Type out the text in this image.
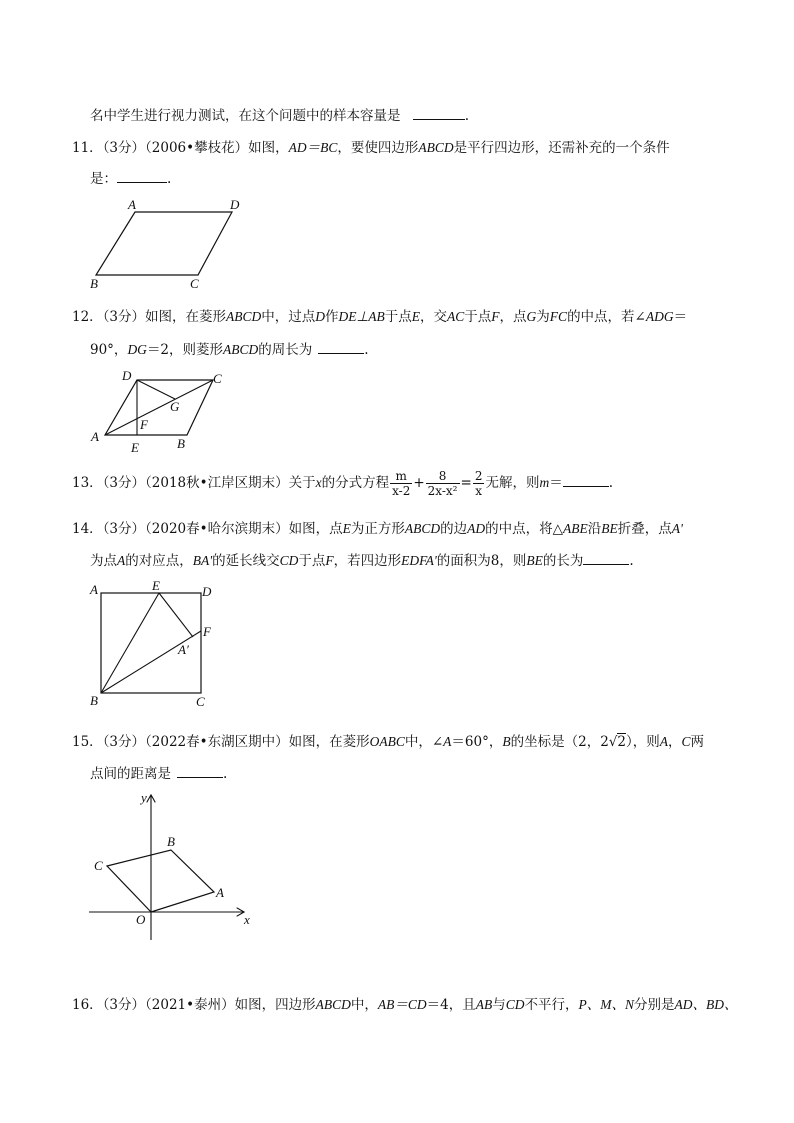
名中学生进行视力测试，在这个问题中的样本容量是	.
11．（3分）（2006•攀枝花）如图，AD＝BC，要使四边形ABCD是平行四边形，还需补充的一个条件
是：	.
A	D
B	C
12．（3分）如图，在菱形ABCD中，过点D作DE⊥AB于点E，交AC于点F，点G为FC的中点，若∠ADG＝
90°，DG＝2，则菱形ABCD的周长为	.
D	C
G
F
A
E	B
13．（3分）（2018秋•江岸区期末）关于x的分式方程 $\frac{m}{x-2} + \frac{8}{\text{2x-x²}} = \frac{2}{x}$ 无解，则m＝	.
14．（3分）（2020春•哈尔滨期末）如图，点E为正方形ABCD的边AD的中点，将△ABE沿BE折叠，点A'
为点A的对应点，BA'的延长线交CD于点F，若四边形EDFA'的面积为8，则BE的长为	.
A	E	D
F
A′
B	C
15．（3分）（2022春•东湖区期中）如图，在菱形OABC中，∠A＝60°，B的坐标是（2，2√2），则A，C两
点间的距离是	.
y
x
B
C
A
O
16．（3分）（2021•泰州）如图，四边形ABCD中，AB＝CD＝4，且AB与CD不平行，P、M、N分别是AD、BD、
